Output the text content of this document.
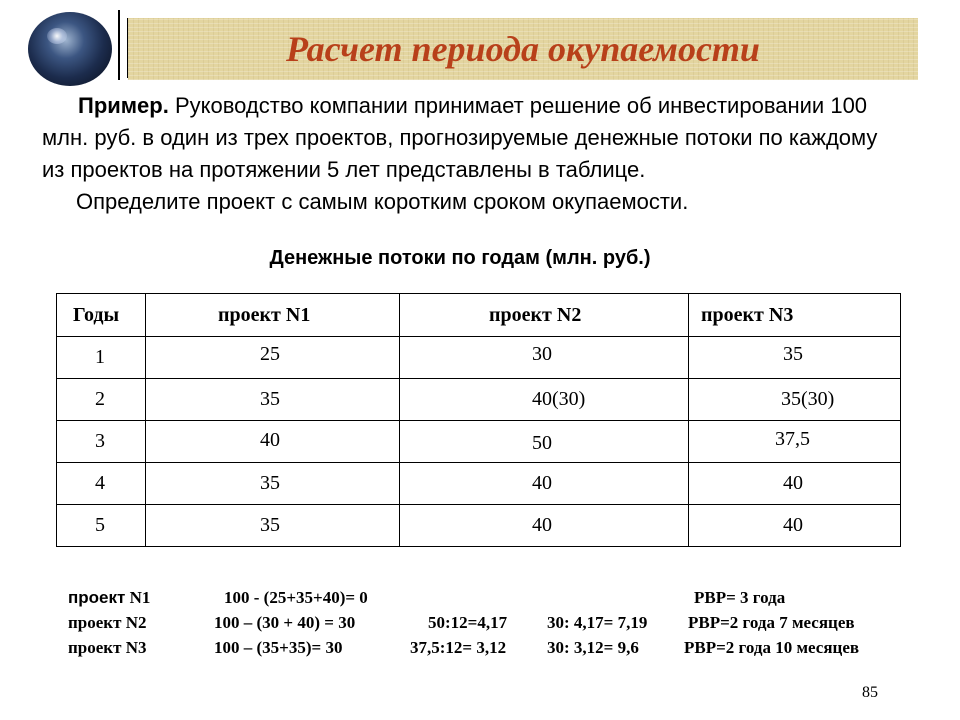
Расчет периода окупаемости

Пример. Руководство компании принимает решение об инвестировании 100 млн. руб. в один из трех проектов, прогнозируемые денежные потоки по каждому из проектов на протяжении 5 лет представлены в таблице.

Определите проект с самым коротким сроком окупаемости.

Денежные потоки по годам (млн. руб.)
Годы	проект N1	проект N2	проект N3

1	25	30	35

2	35	40(30)	35(30)

3	40	50	37,5

4	35	40	40

5	35	40	40
проект N1	100 - (25+35+40)= 0	PBP= 3 года
проект N2	100 – (30 + 40) = 30	50:12=4,17 30: 4,17= 7,19 PBP=2 года 7 месяцев
проект N3	100 – (35+35)= 30	37,5:12= 3,12 30: 3,12= 9,6	PBP=2 года 10 месяцев
85
